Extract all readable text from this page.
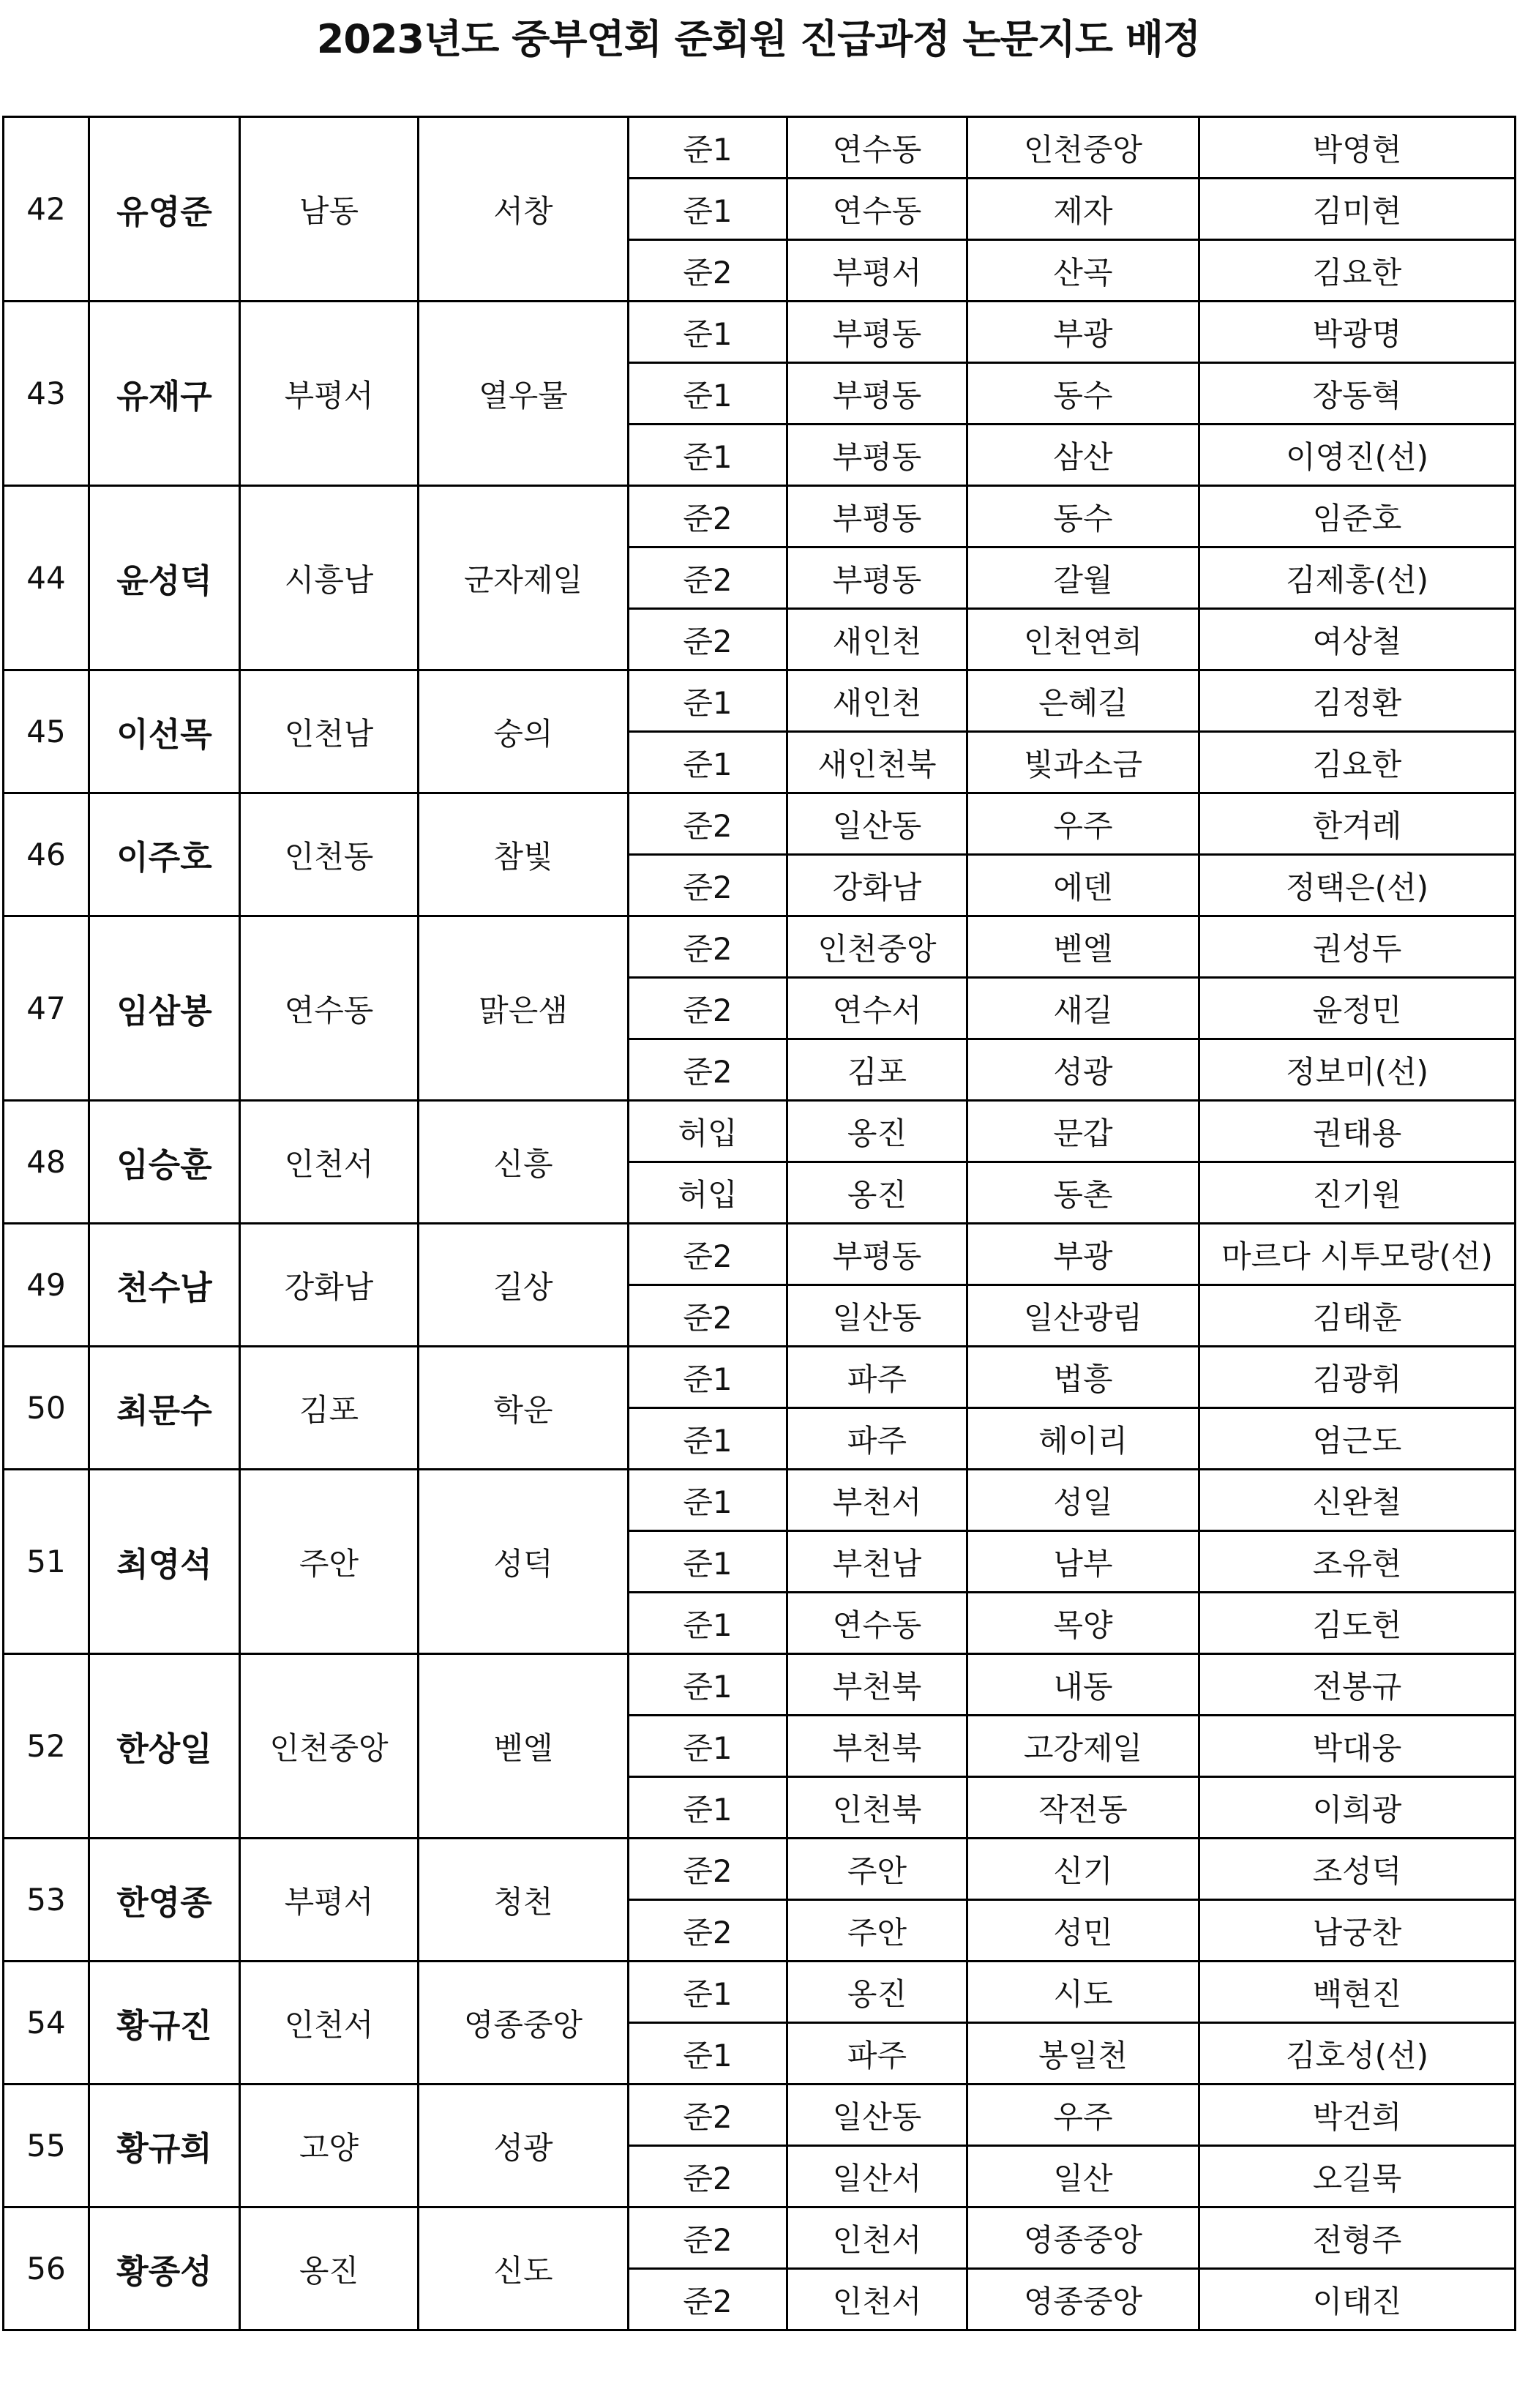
2023년도 중부연회 준회원 진급과정 논문지도 배정
42	유영준	남동	서창	준1	연수동	인천중앙	박영현
				준1	연수동	제자	김미현
				준2	부평서	산곡	김요한
43	유재구	부평서	열우물	준1	부평동	부광	박광명
				준1	부평동	동수	장동혁
				준1	부평동	삼산	이영진(선)
44	윤성덕	시흥남	군자제일	준2	부평동	동수	임준호
				준2	부평동	갈월	김제홍(선)
				준2	새인천	인천연희	여상철
45	이선목	인천남	숭의	준1	새인천	은혜길	김정환
				준1	새인천북	빛과소금	김요한
46	이주호	인천동	참빛	준2	일산동	우주	한겨레
				준2	강화남	에덴	정택은(선)
47	임삼봉	연수동	맑은샘	준2	인천중앙	벧엘	권성두
				준2	연수서	새길	윤정민
				준2	김포	성광	정보미(선)
48	임승훈	인천서	신흥	허입	옹진	문갑	권태용
				허입	옹진	동촌	진기원
49	천수남	강화남	길상	준2	부평동	부광	마르다 시투모랑(선)
				준2	일산동	일산광림	김태훈
50	최문수	김포	학운	준1	파주	법흥	김광휘
				준1	파주	헤이리	엄근도
51	최영석	주안	성덕	준1	부천서	성일	신완철
				준1	부천남	남부	조유현
				준1	연수동	목양	김도헌
52	한상일	인천중앙	벧엘	준1	부천북	내동	전봉규
				준1	부천북	고강제일	박대웅
				준1	인천북	작전동	이희광
53	한영종	부평서	청천	준2	주안	신기	조성덕
				준2	주안	성민	남궁찬
54	황규진	인천서	영종중앙	준1	옹진	시도	백현진
				준1	파주	봉일천	김호성(선)
55	황규희	고양	성광	준2	일산동	우주	박건희
				준2	일산서	일산	오길묵
56	황종성	옹진	신도	준2	인천서	영종중앙	전형주
				준2	인천서	영종중앙	이태진
